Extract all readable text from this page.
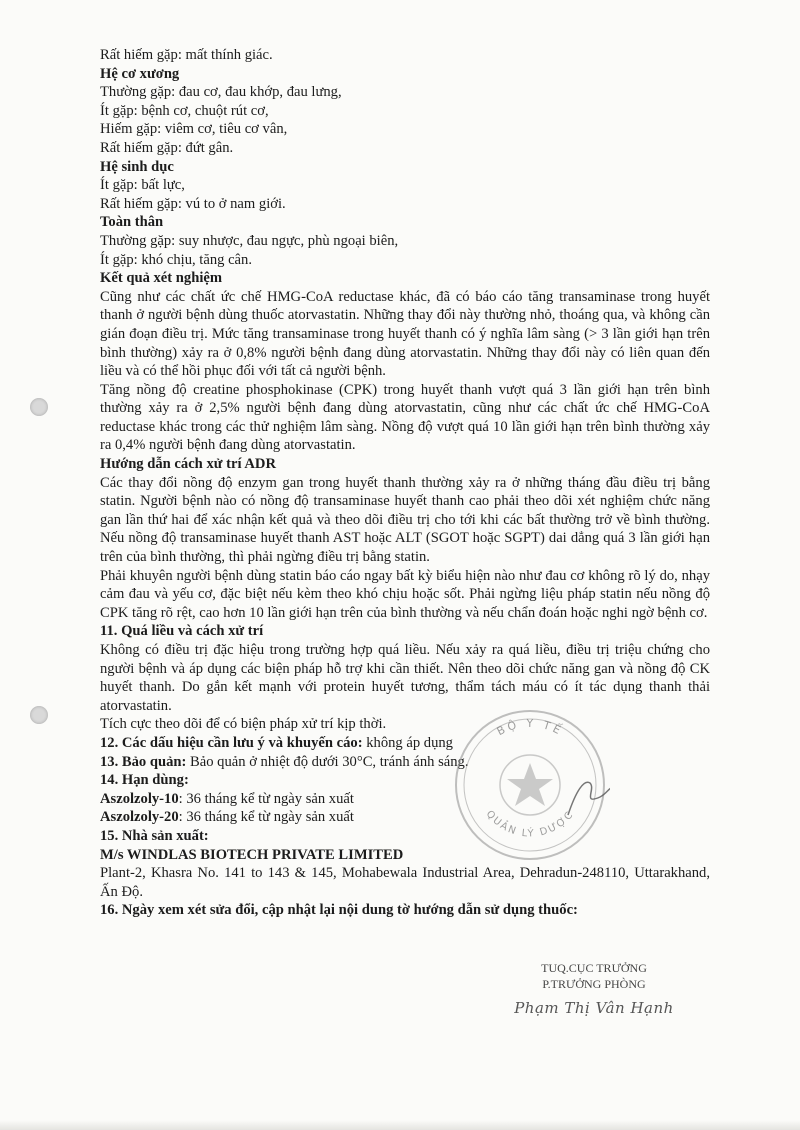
Rất hiếm gặp: mất thính giác.

Hệ cơ xương

Thường gặp: đau cơ, đau khớp, đau lưng,

Ít gặp: bệnh cơ, chuột rút cơ,

Hiếm gặp: viêm cơ, tiêu cơ vân,

Rất hiếm gặp: đứt gân.

Hệ sinh dục

Ít gặp: bất lực,

Rất hiếm gặp: vú to ở nam giới.

Toàn thân

Thường gặp: suy nhược, đau ngực, phù ngoại biên,

Ít gặp: khó chịu, tăng cân.

Kết quả xét nghiệm

Cũng như các chất ức chế HMG-CoA reductase khác, đã có báo cáo tăng transaminase trong huyết thanh ở người bệnh dùng thuốc atorvastatin. Những thay đổi này thường nhỏ, thoáng qua, và không cần gián đoạn điều trị. Mức tăng transaminase trong huyết thanh có ý nghĩa lâm sàng (> 3 lần giới hạn trên bình thường) xảy ra ở 0,8% người bệnh đang dùng atorvastatin. Những thay đổi này có liên quan đến liều và có thể hồi phục đối với tất cả người bệnh.

Tăng nồng độ creatine phosphokinase (CPK) trong huyết thanh vượt quá 3 lần giới hạn trên bình thường xảy ra ở 2,5% người bệnh đang dùng atorvastatin, cũng như các chất ức chế HMG-CoA reductase khác trong các thử nghiệm lâm sàng. Nồng độ vượt quá 10 lần giới hạn trên bình thường xảy ra 0,4% người bệnh đang dùng atorvastatin.

Hướng dẫn cách xử trí ADR

Các thay đổi nồng độ enzym gan trong huyết thanh thường xảy ra ở những tháng đầu điều trị bằng statin. Người bệnh nào có nồng độ transaminase huyết thanh cao phải theo dõi xét nghiệm chức năng gan lần thứ hai để xác nhận kết quả và theo dõi điều trị cho tới khi các bất thường trở về bình thường. Nếu nồng độ transaminase huyết thanh AST hoặc ALT (SGOT hoặc SGPT) dai dẳng quá 3 lần giới hạn trên của bình thường, thì phải ngừng điều trị bằng statin.

Phải khuyên người bệnh dùng statin báo cáo ngay bất kỳ biểu hiện nào như đau cơ không rõ lý do, nhạy cảm đau và yếu cơ, đặc biệt nếu kèm theo khó chịu hoặc sốt. Phải ngừng liệu pháp statin nếu nồng độ CPK tăng rõ rệt, cao hơn 10 lần giới hạn trên của bình thường và nếu chẩn đoán hoặc nghi ngờ bệnh cơ.

11. Quá liều và cách xử trí

Không có điều trị đặc hiệu trong trường hợp quá liều. Nếu xảy ra quá liều, điều trị triệu chứng cho người bệnh và áp dụng các biện pháp hỗ trợ khi cần thiết. Nên theo dõi chức năng gan và nồng độ CK huyết thanh. Do gắn kết mạnh với protein huyết tương, thẩm tách máu có ít tác dụng thanh thải atorvastatin.

Tích cực theo dõi để có biện pháp xử trí kịp thời.

12. Các dấu hiệu cần lưu ý và khuyến cáo: không áp dụng

13. Bảo quản: Bảo quản ở nhiệt độ dưới 30°C, tránh ánh sáng.

14. Hạn dùng:

Aszolzoly-10: 36 tháng kể từ ngày sản xuất

Aszolzoly-20: 36 tháng kể từ ngày sản xuất

15. Nhà sản xuất:

M/s WINDLAS BIOTECH PRIVATE LIMITED

Plant-2, Khasra No. 141 to 143 & 145, Mohabewala Industrial Area, Dehradun-248110, Uttarakhand, Ấn Độ.

16. Ngày xem xét sửa đổi, cập nhật lại nội dung tờ hướng dẫn sử dụng thuốc:

BỘ Y TẾ
QUẢN LÝ DƯỢC
TUQ.CỤC TRƯỞNG
P.TRƯỞNG PHÒNG
Phạm Thị Vân Hạnh
